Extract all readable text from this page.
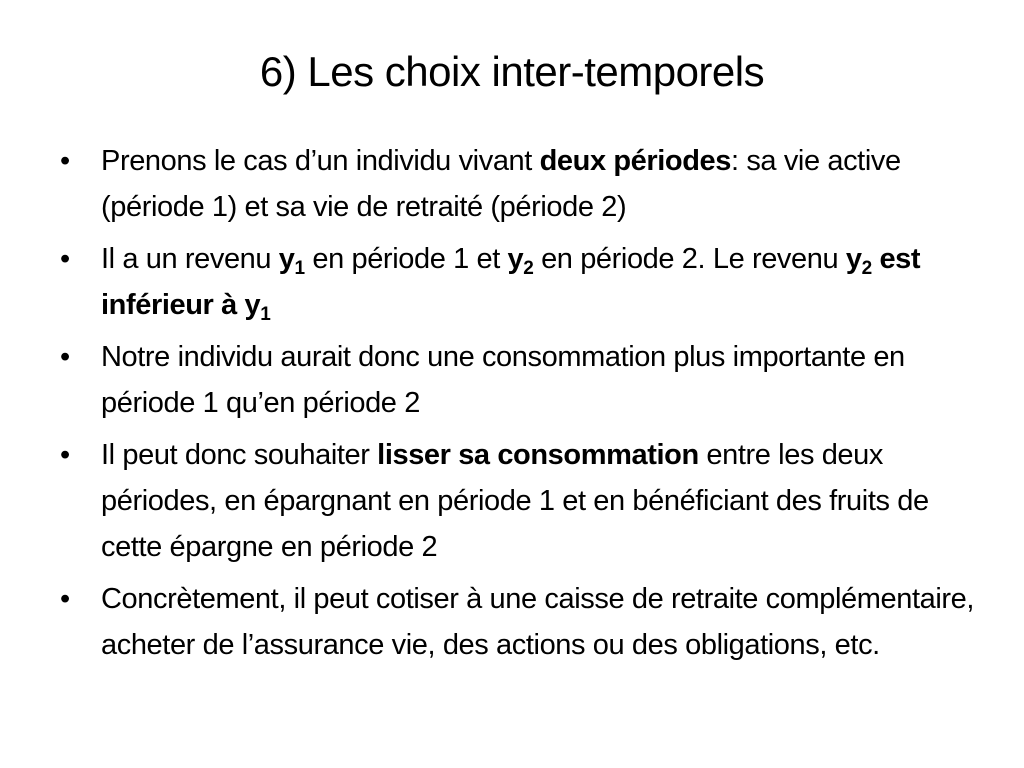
6) Les choix inter-temporels
• Prenons le cas d’un individu vivant deux périodes: sa vie active (période 1) et sa vie de retraité (période 2)
• Il a un revenu $y_1$ en période 1 et $y_2$ en période 2. Le revenu $y_2$ est inférieur à $y_1$
• Notre individu aurait donc une consommation plus importante en période 1 qu’en période 2
• Il peut donc souhaiter lisser sa consommation entre les deux périodes, en épargnant en période 1 et en bénéficiant des fruits de cette épargne en période 2
• Concrètement, il peut cotiser à une caisse de retraite complémentaire, acheter de l’assurance vie, des actions ou des obligations, etc.
